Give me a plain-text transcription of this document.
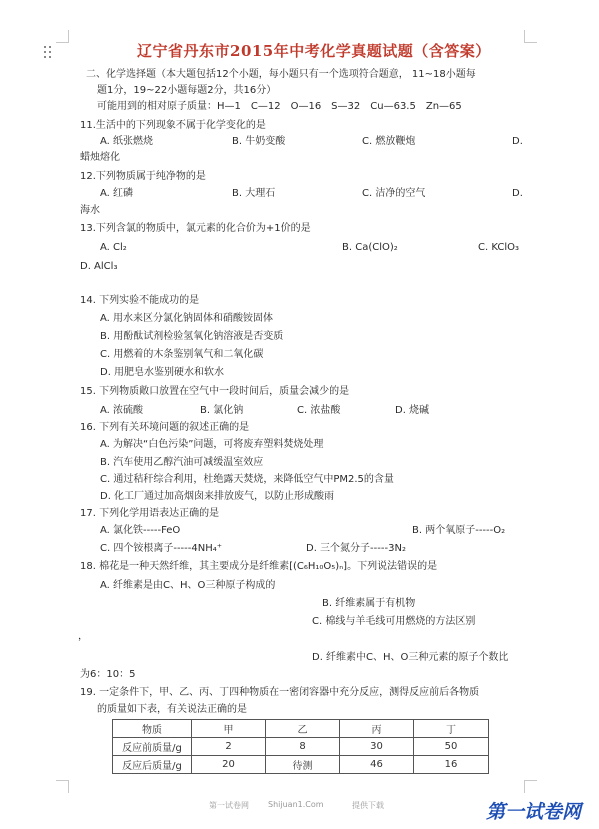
辽宁省丹东市2015年中考化学真题试题（含答案）
二、化学选择题（本大题包括12个小题，每小题只有一个选项符合题意， 11~18小题每
题1分，19~22小题每题2分，共16分）
可能用到的相对原子质量：H—1　C—12　O—16　S—32　Cu—63.5　Zn—65
11.生活中的下列现象不属于化学变化的是
A. 纸张燃烧	B. 牛奶变酸	C. 燃放鞭炮	D.
蜡烛熔化
12.下列物质属于纯净物的是
A. 红磷	B. 大理石	C. 洁净的空气	D.
海水
13.下列含氯的物质中，氯元素的化合价为+1价的是
A. Cl₂	B. Ca(ClO)₂	C. KClO₃
D. AlCl₃
14. 下列实验不能成功的是
A. 用水来区分氯化钠固体和硝酸铵固体
B. 用酚酞试剂检验氢氧化钠溶液是否变质
C. 用燃着的木条鉴别氧气和二氧化碳
D. 用肥皂水鉴别硬水和软水
15. 下列物质敞口放置在空气中一段时间后，质量会减少的是
A. 浓硫酸	B. 氯化钠	C. 浓盐酸	D. 烧碱
16. 下列有关环境问题的叙述正确的是
A. 为解决“白色污染”问题，可将废弃塑料焚烧处理
B. 汽车使用乙醇汽油可减缓温室效应
C. 通过秸秆综合利用，杜绝露天焚烧，来降低空气中PM2.5的含量
D. 化工厂通过加高烟囱来排放废气，以防止形成酸雨
17. 下列化学用语表达正确的是
A. 氯化铁-----FeO	B. 两个氧原子-----O₂
C. 四个铵根离子-----4NH₄⁺	D. 三个氮分子-----3N₂
18. 棉花是一种天然纤维，其主要成分是纤维素[(C₆H₁₀O₅)ₙ]。下列说法错误的是
A. 纤维素是由C、H、O三种原子构成的
B. 纤维素属于有机物
C. 棉线与羊毛线可用燃烧的方法区别
，
D. 纤维素中C、H、O三种元素的原子个数比
为6：10：5
19. 一定条件下，甲、乙、丙、丁四种物质在一密闭容器中充分反应，测得反应前后各物质
的质量如下表，有关说法正确的是
物质	甲	乙	丙	丁
反应前质量/g	2	8	30	50
反应后质量/g	20	待测	46	16
第一试卷网 Shijuan1.Com	提供下载	第一试卷网
